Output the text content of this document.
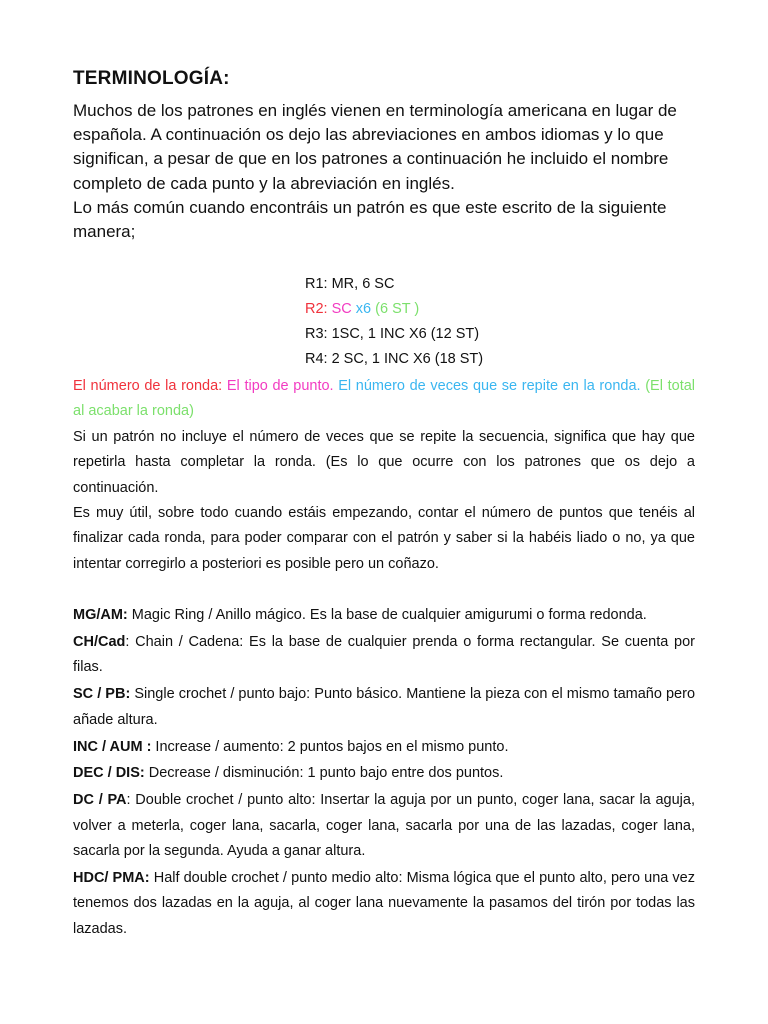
TERMINOLOGÍA:

Muchos de los patrones en inglés vienen en terminología americana en lugar de española. A continuación os dejo las abreviaciones en ambos idiomas y lo que significan, a pesar de que en los patrones a continuación he incluido el nombre completo de cada punto y la abreviación en inglés.

Lo más común cuando encontráis un patrón es que este escrito de la siguiente manera;

R1: MR, 6 SC
R2: SC x6 (6 ST )
R3: 1SC, 1 INC X6 (12 ST)
R4: 2 SC, 1 INC X6 (18 ST)

El número de la ronda: El tipo de punto. El número de veces que se repite en la ronda. (El total al acabar la ronda)

Si un patrón no incluye el número de veces que se repite la secuencia, significa que hay que repetirla hasta completar la ronda. (Es lo que ocurre con los patrones que os dejo a continuación.

Es muy útil, sobre todo cuando estáis empezando, contar el número de puntos que tenéis al finalizar cada ronda, para poder comparar con el patrón y saber si la habéis liado o no, ya que intentar corregirlo a posteriori es posible pero un coñazo.

MG/AM: Magic Ring / Anillo mágico. Es la base de cualquier amigurumi o forma redonda.

CH/Cad: Chain / Cadena: Es la base de cualquier prenda o forma rectangular. Se cuenta por filas.

SC / PB: Single crochet / punto bajo: Punto básico. Mantiene la pieza con el mismo tamaño pero añade altura.

INC / AUM : Increase / aumento: 2 puntos bajos en el mismo punto.

DEC / DIS: Decrease / disminución: 1 punto bajo entre dos puntos.

DC / PA: Double crochet / punto alto: Insertar la aguja por un punto, coger lana, sacar la aguja, volver a meterla, coger lana, sacarla, coger lana, sacarla por una de las lazadas, coger lana, sacarla por la segunda. Ayuda a ganar altura.

HDC/ PMA: Half double crochet / punto medio alto: Misma lógica que el punto alto, pero una vez tenemos dos lazadas en la aguja, al coger lana nuevamente la pasamos del tirón por todas las lazadas.
